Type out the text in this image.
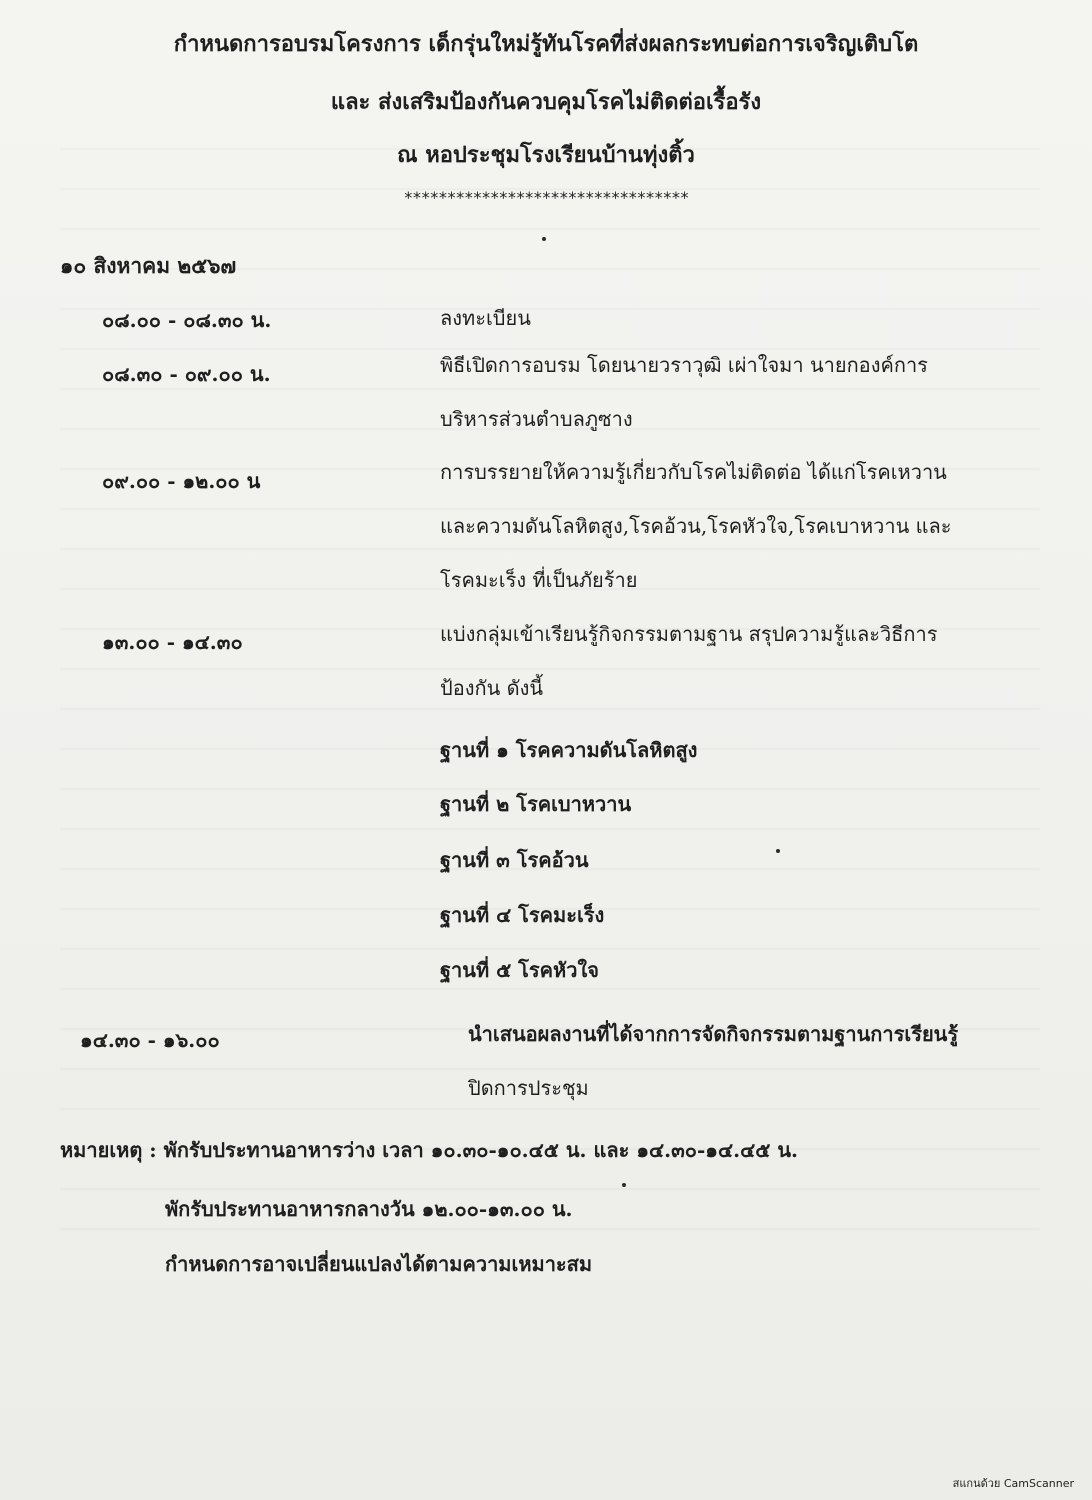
กำหนดการอบรมโครงการ เด็กรุ่นใหม่รู้ทันโรคที่ส่งผลกระทบต่อการเจริญเติบโต
และ ส่งเสริมป้องกันควบคุมโรคไม่ติดต่อเรื้อรัง
ณ หอประชุมโรงเรียนบ้านทุ่งติ้ว
*********************************
๑๐ สิงหาคม ๒๕๖๗
๐๘.๐๐ - ๐๘.๓๐ น.	ลงทะเบียน
๐๘.๓๐ - ๐๙.๐๐ น.	พิธีเปิดการอบรม โดยนายวราวุฒิ เผ่าใจมา นายกองค์การ
บริหารส่วนตำบลภูซาง
๐๙.๐๐ - ๑๒.๐๐ น	การบรรยายให้ความรู้เกี่ยวกับโรคไม่ติดต่อ ได้แก่โรคเหวาน
และความดันโลหิตสูง,โรคอ้วน,โรคหัวใจ,โรคเบาหวาน และ
โรคมะเร็ง ที่เป็นภัยร้าย
๑๓.๐๐ - ๑๔.๓๐	แบ่งกลุ่มเข้าเรียนรู้กิจกรรมตามฐาน สรุปความรู้และวิธีการ
ป้องกัน ดังนี้
ฐานที่ ๑ โรคความดันโลหิตสูง
ฐานที่ ๒ โรคเบาหวาน
ฐานที่ ๓ โรคอ้วน
ฐานที่ ๔ โรคมะเร็ง
ฐานที่ ๕ โรคหัวใจ
๑๔.๓๐ - ๑๖.๐๐	นำเสนอผลงานที่ได้จากการจัดกิจกรรมตามฐานการเรียนรู้
ปิดการประชุม
หมายเหตุ : พักรับประทานอาหารว่าง เวลา ๑๐.๓๐-๑๐.๔๕ น. และ ๑๔.๓๐-๑๔.๔๕ น.
พักรับประทานอาหารกลางวัน ๑๒.๐๐-๑๓.๐๐ น.
กำหนดการอาจเปลี่ยนแปลงได้ตามความเหมาะสม
สแกนด้วย CamScanner
